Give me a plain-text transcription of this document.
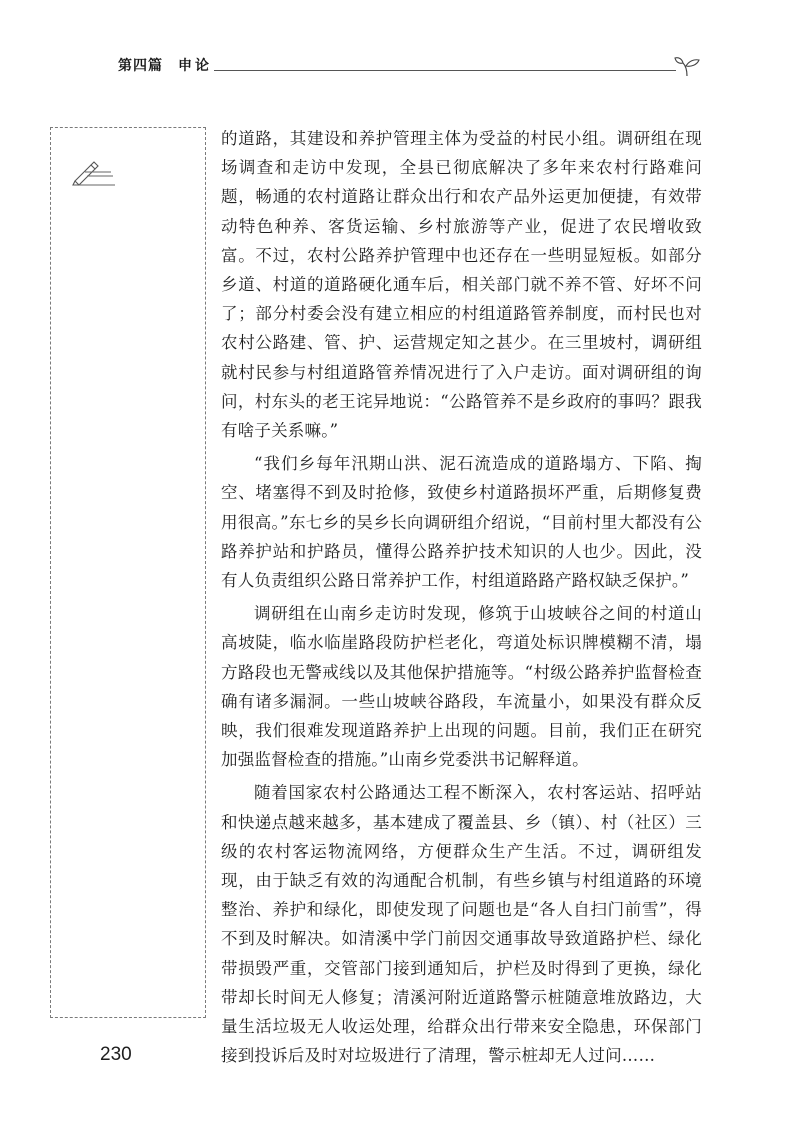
第四篇 申论

的道路，其建设和养护管理主体为受益的村民小组。调研组在现场调查和走访中发现，全县已彻底解决了多年来农村行路难问题，畅通的农村道路让群众出行和农产品外运更加便捷，有效带动特色种养、客货运输、乡村旅游等产业，促进了农民增收致富。不过，农村公路养护管理中也还存在一些明显短板。如部分乡道、村道的道路硬化通车后，相关部门就不养不管、好坏不问了；部分村委会没有建立相应的村组道路管养制度，而村民也对农村公路建、管、护、运营规定知之甚少。在三里坡村，调研组就村民参与村组道路管养情况进行了入户走访。面对调研组的询问，村东头的老王诧异地说：“公路管养不是乡政府的事吗？跟我有啥子关系嘛。”

“我们乡每年汛期山洪、泥石流造成的道路塌方、下陷、掏空、堵塞得不到及时抢修，致使乡村道路损坏严重，后期修复费用很高。”东七乡的吴乡长向调研组介绍说，“目前村里大都没有公路养护站和护路员，懂得公路养护技术知识的人也少。因此，没有人负责组织公路日常养护工作，村组道路路产路权缺乏保护。”

调研组在山南乡走访时发现，修筑于山坡峡谷之间的村道山高坡陡，临水临崖路段防护栏老化，弯道处标识牌模糊不清，塌方路段也无警戒线以及其他保护措施等。“村级公路养护监督检查确有诸多漏洞。一些山坡峡谷路段，车流量小，如果没有群众反映，我们很难发现道路养护上出现的问题。目前，我们正在研究加强监督检查的措施。”山南乡党委洪书记解释道。

随着国家农村公路通达工程不断深入，农村客运站、招呼站和快递点越来越多，基本建成了覆盖县、乡（镇）、村（社区）三级的农村客运物流网络，方便群众生产生活。不过，调研组发现，由于缺乏有效的沟通配合机制，有些乡镇与村组道路的环境整治、养护和绿化，即使发现了问题也是“各人自扫门前雪”，得不到及时解决。如清溪中学门前因交通事故导致道路护栏、绿化带损毁严重，交管部门接到通知后，护栏及时得到了更换，绿化带却长时间无人修复；清溪河附近道路警示桩随意堆放路边，大量生活垃圾无人收运处理，给群众出行带来安全隐患，环保部门接到投诉后及时对垃圾进行了清理，警示桩却无人过问……

230
